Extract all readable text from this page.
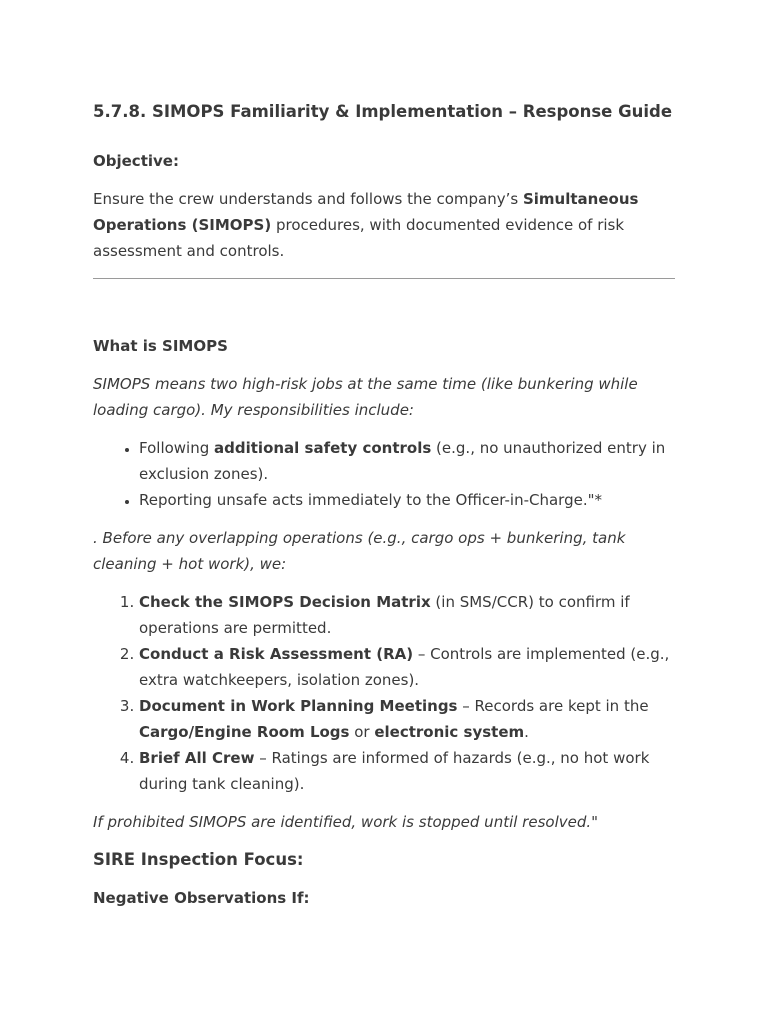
5.7.8. SIMOPS Familiarity & Implementation – Response Guide
Objective:

Ensure the crew understands and follows the company’s Simultaneous Operations (SIMOPS) procedures, with documented evidence of risk assessment and controls.

What is SIMOPS

SIMOPS means two high-risk jobs at the same time (like bunkering while loading cargo). My responsibilities include:

• Following additional safety controls (e.g., no unauthorized entry in exclusion zones).
• Reporting unsafe acts immediately to the Officer-in-Charge."*

. Before any overlapping operations (e.g., cargo ops + bunkering, tank cleaning + hot work), we:

1. Check the SIMOPS Decision Matrix (in SMS/CCR) to confirm if operations are permitted.
2. Conduct a Risk Assessment (RA) – Controls are implemented (e.g., extra watchkeepers, isolation zones).
3. Document in Work Planning Meetings – Records are kept in the Cargo/Engine Room Logs or electronic system.
4. Brief All Crew – Ratings are informed of hazards (e.g., no hot work during tank cleaning).

If prohibited SIMOPS are identified, work is stopped until resolved."

SIRE Inspection Focus:
Negative Observations If:
